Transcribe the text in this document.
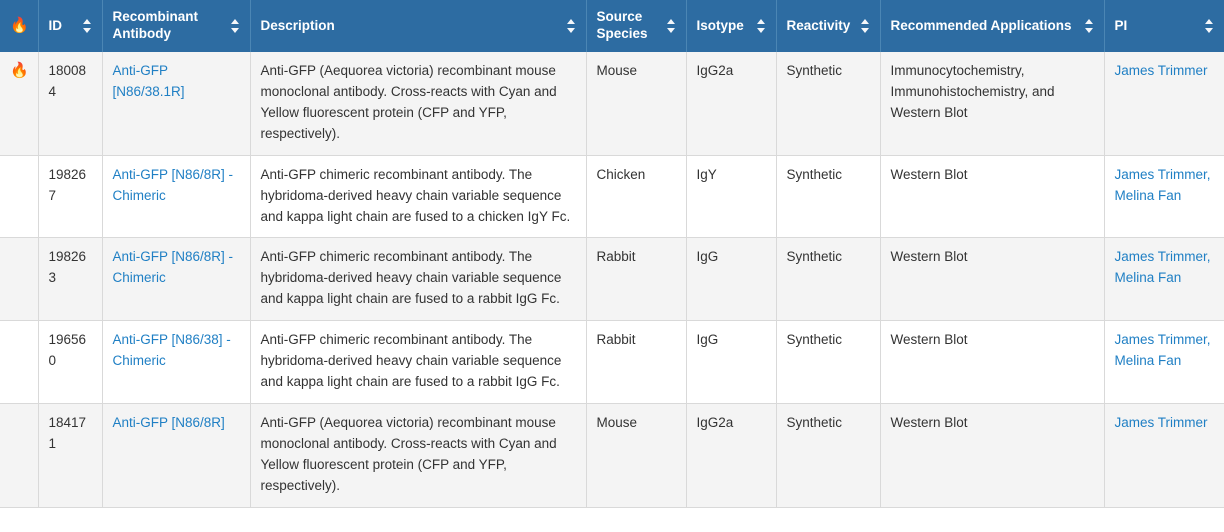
🔥	ID	Recombinant Antibody	Description	Source Species	Isotype	Reactivity	Recommended Applications	PI

🔥	180084	Anti-GFP [N86/38.1R]	Anti-GFP (Aequorea victoria) recombinant mouse monoclonal antibody. Cross-reacts with Cyan and Yellow fluorescent protein (CFP and YFP, respectively).	Mouse	IgG2a	Synthetic	Immunocytochemistry, Immunohistochemistry, and Western Blot	James Trimmer
	198267	Anti-GFP [N86/8R] - Chimeric	Anti-GFP chimeric recombinant antibody. The hybridoma-derived heavy chain variable sequence and kappa light chain are fused to a chicken IgY Fc.	Chicken	IgY	Synthetic	Western Blot	James Trimmer, Melina Fan
	198263	Anti-GFP [N86/8R] - Chimeric	Anti-GFP chimeric recombinant antibody. The hybridoma-derived heavy chain variable sequence and kappa light chain are fused to a rabbit IgG Fc.	Rabbit	IgG	Synthetic	Western Blot	James Trimmer, Melina Fan
	196560	Anti-GFP [N86/38] - Chimeric	Anti-GFP chimeric recombinant antibody. The hybridoma-derived heavy chain variable sequence and kappa light chain are fused to a rabbit IgG Fc.	Rabbit	IgG	Synthetic	Western Blot	James Trimmer, Melina Fan
	184171	Anti-GFP [N86/8R]	Anti-GFP (Aequorea victoria) recombinant mouse monoclonal antibody. Cross-reacts with Cyan and Yellow fluorescent protein (CFP and YFP, respectively).	Mouse	IgG2a	Synthetic	Western Blot	James Trimmer
